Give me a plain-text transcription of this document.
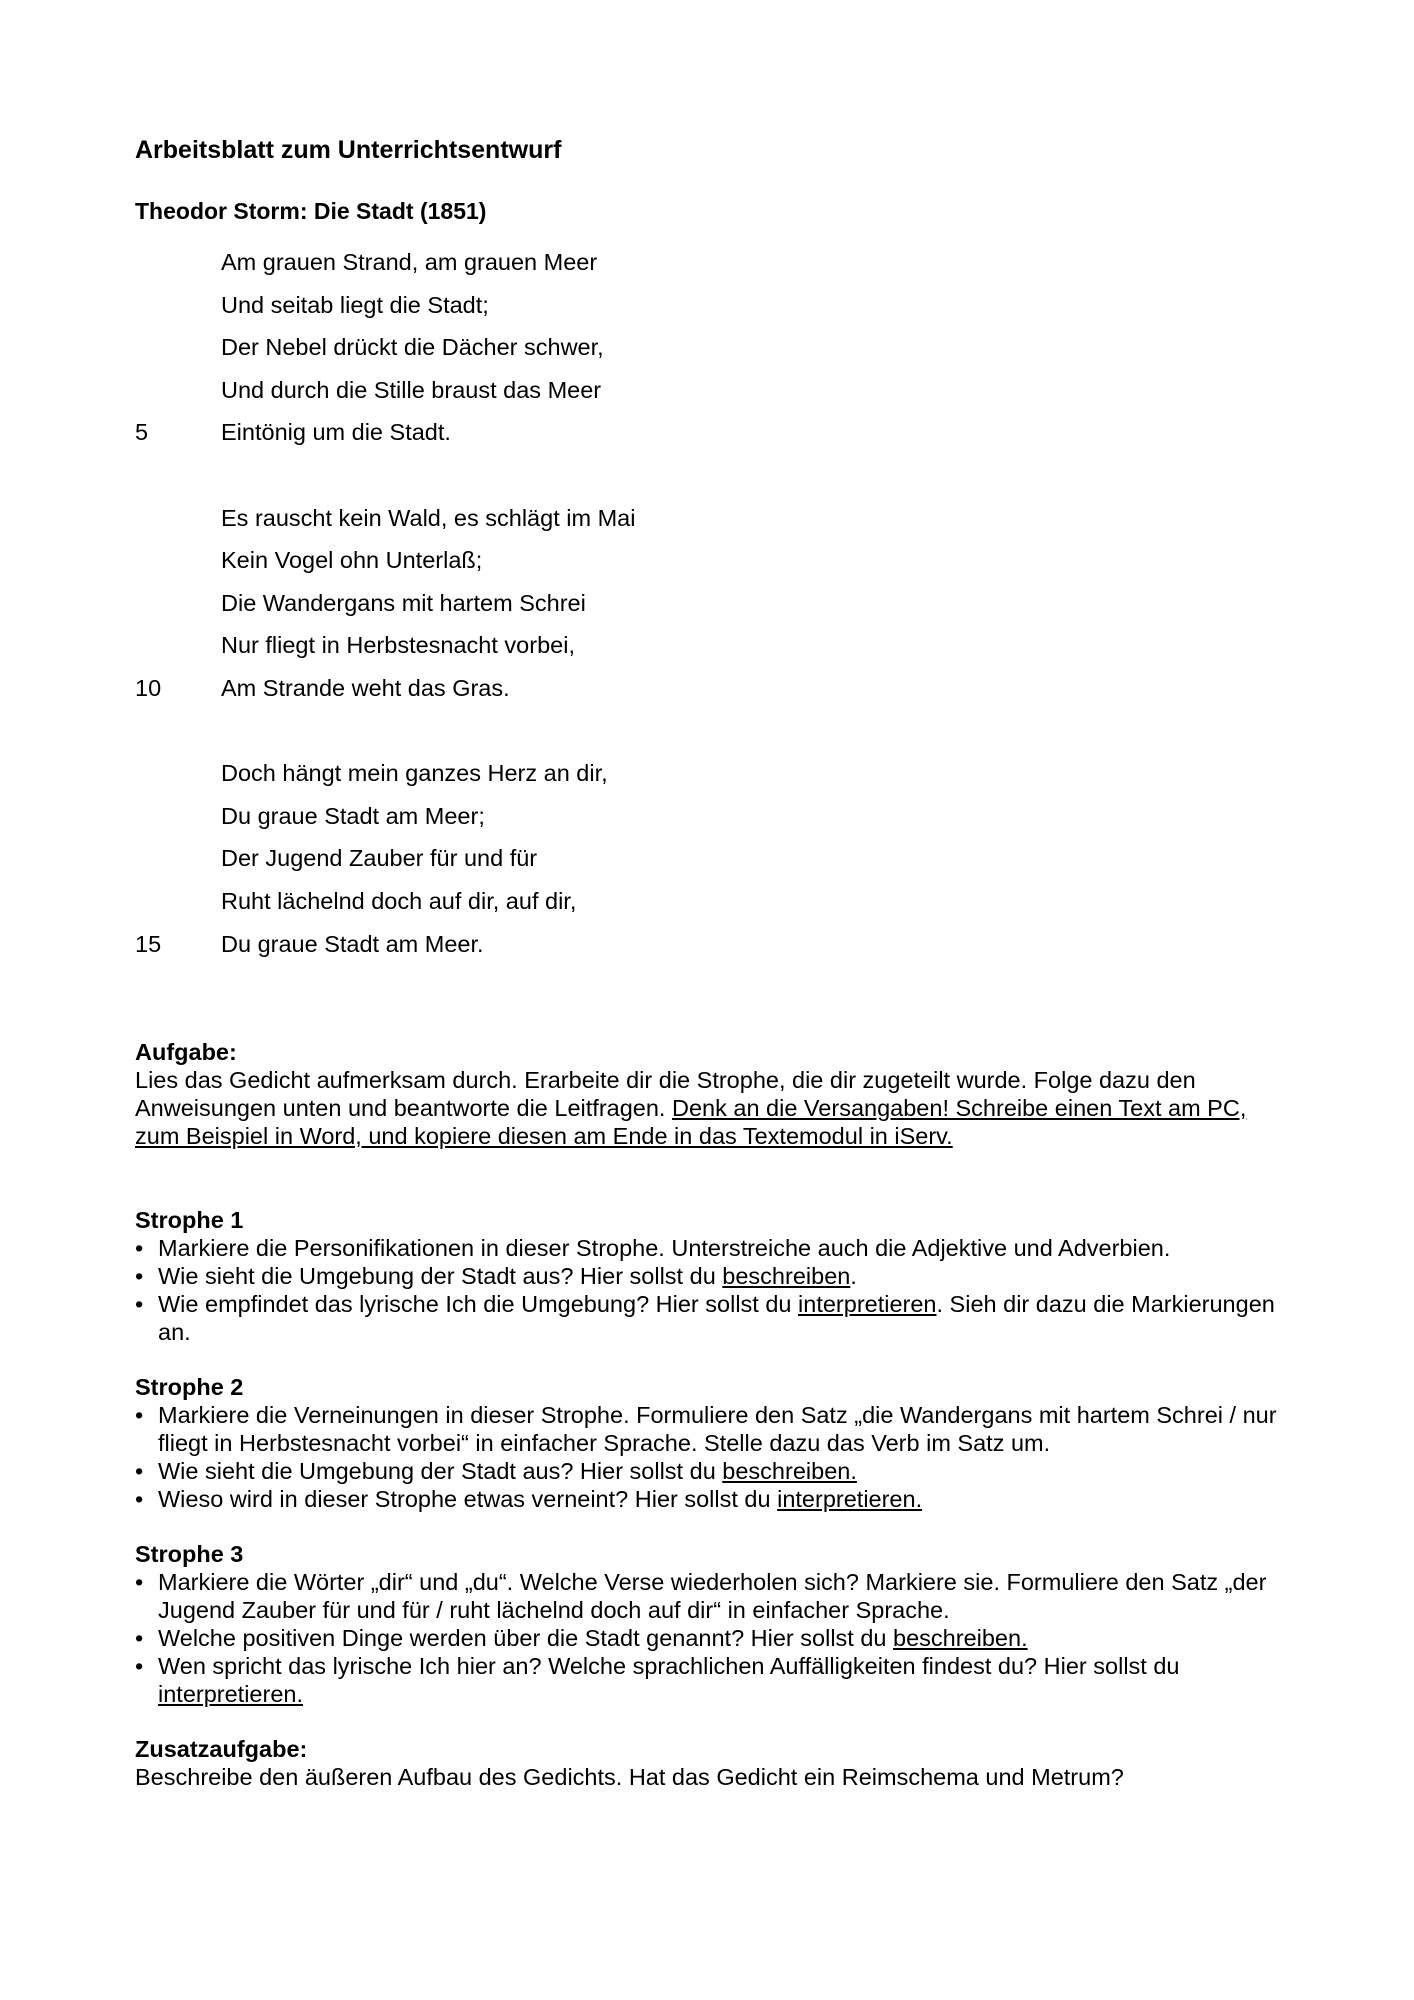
Arbeitsblatt zum Unterrichtsentwurf
Theodor Storm: Die Stadt (1851)
Am grauen Strand, am grauen Meer
Und seitab liegt die Stadt;
Der Nebel drückt die Dächer schwer,
Und durch die Stille braust das Meer
5	Eintönig um die Stadt.
Es rauscht kein Wald, es schlägt im Mai
Kein Vogel ohn Unterlaß;
Die Wandergans mit hartem Schrei
Nur fliegt in Herbstesnacht vorbei,
10	Am Strande weht das Gras.
Doch hängt mein ganzes Herz an dir,
Du graue Stadt am Meer;
Der Jugend Zauber für und für
Ruht lächelnd doch auf dir, auf dir,
15	Du graue Stadt am Meer.
Aufgabe:

Lies das Gedicht aufmerksam durch. Erarbeite dir die Strophe, die dir zugeteilt wurde. Folge dazu den Anweisungen unten und beantworte die Leitfragen. Denk an die Versangaben! Schreibe einen Text am PC, zum Beispiel in Word, und kopiere diesen am Ende in das Textemodul in iServ.

Strophe 1
• Markiere die Personifikationen in dieser Strophe. Unterstreiche auch die Adjektive und Adverbien.
• Wie sieht die Umgebung der Stadt aus? Hier sollst du beschreiben.
• Wie empfindet das lyrische Ich die Umgebung? Hier sollst du interpretieren. Sieh dir dazu die Markierungen an.
Strophe 2
• Markiere die Verneinungen in dieser Strophe. Formuliere den Satz „die Wandergans mit hartem Schrei / nur fliegt in Herbstesnacht vorbei“ in einfacher Sprache. Stelle dazu das Verb im Satz um.
• Wie sieht die Umgebung der Stadt aus? Hier sollst du beschreiben.
• Wieso wird in dieser Strophe etwas verneint? Hier sollst du interpretieren.
Strophe 3
• Markiere die Wörter „dir“ und „du“. Welche Verse wiederholen sich? Markiere sie. Formuliere den Satz „der Jugend Zauber für und für / ruht lächelnd doch auf dir“ in einfacher Sprache.
• Welche positiven Dinge werden über die Stadt genannt? Hier sollst du beschreiben.
• Wen spricht das lyrische Ich hier an? Welche sprachlichen Auffälligkeiten findest du? Hier sollst du interpretieren.
Zusatzaufgabe:

Beschreibe den äußeren Aufbau des Gedichts. Hat das Gedicht ein Reimschema und Metrum?
